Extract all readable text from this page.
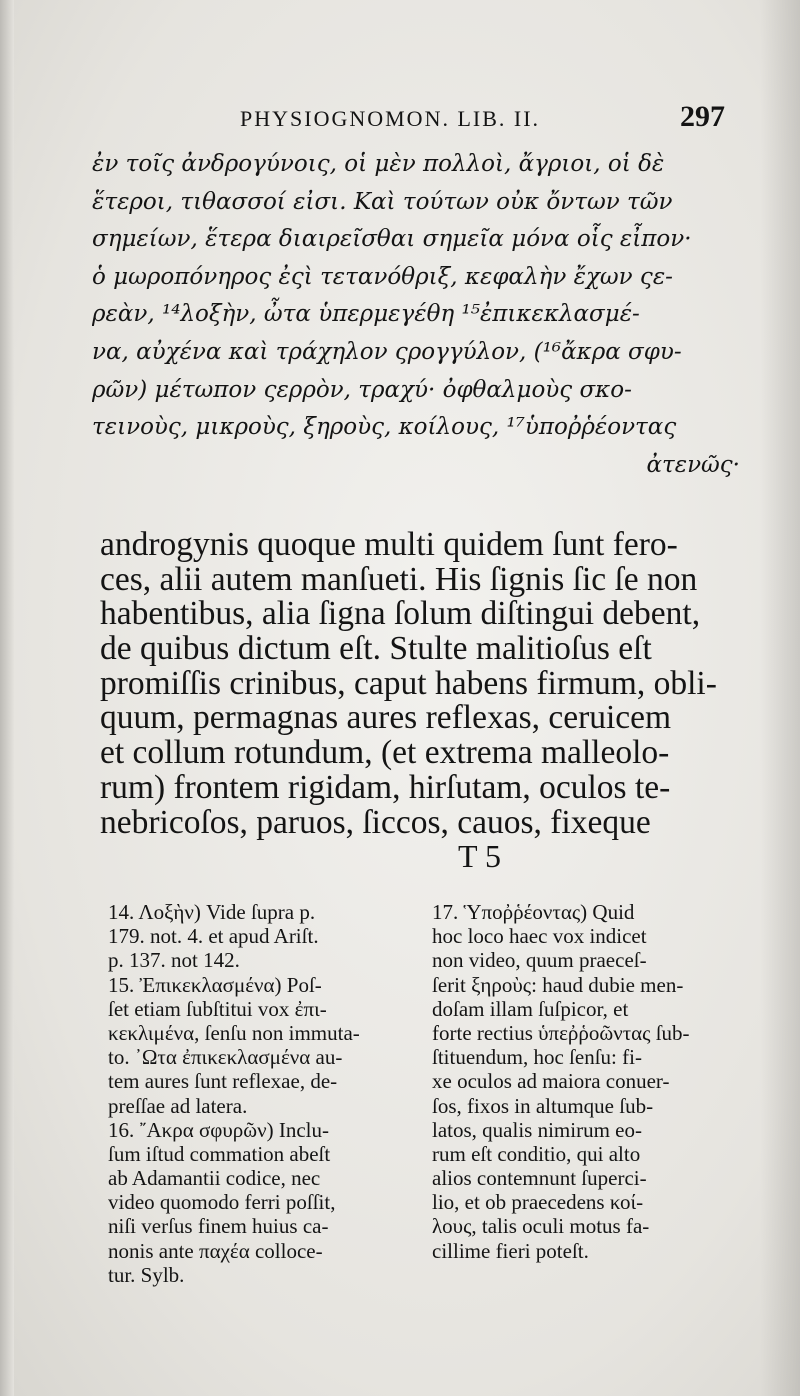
PHYSIOGNOMON. LIB. II.	297
ἐν τοῖς ἀνδρογύνοις, οἱ μὲν πολλοὶ, ἄγριοι, οἱ δὲ
ἕτεροι, τιθασσοί εἰσι. Καὶ τούτων οὐκ ὄντων τῶν
σημείων, ἕτερα διαιρεῖσθαι σημεῖα μόνα οἷς εἶπον·
ὁ μωροπόνηρος ἐςὶ τετανόθριξ, κεφαλὴν ἔχων ςε-
ρεὰν, ¹⁴λοξὴν, ὦτα ὑπερμεγέθη ¹⁵ἐπικεκλασμέ-
να, αὐχένα καὶ τράχηλον ςρογγύλον, (¹⁶ἄκρα σφυ-
ρῶν) μέτωπον ςερρὸν, τραχύ· ὀφθαλμοὺς σκο-
τεινοὺς, μικροὺς, ξηροὺς, κοίλους, ¹⁷ὑποῤῥέοντας
ἀτενῶς·
androgynis quoque multi quidem ſunt fero-
ces, alii autem manſueti. His ſignis ſic ſe non
habentibus, alia ſigna ſolum diſtingui debent,
de quibus dictum eſt. Stulte malitioſus eſt
promiſſis crinibus, caput habens firmum, obli-
quum, permagnas aures reflexas, ceruicem
et collum rotundum, (et extrema malleolo-
rum) frontem rigidam, hirſutam, oculos te-
nebricoſos, paruos, ſiccos, cauos, fixeque
T 5
14. Λοξὴν) Vide ſupra p.
179. not. 4. et apud Ariſt.
p. 137. not 142.
15. Ἐπικεκλασμένα) Poſ-
ſet etiam ſubſtitui vox ἐπι-
κεκλιμένα, ſenſu non immuta-
to. ᾿Ωτα ἐπικεκλασμένα au-
tem aures ſunt reflexae, de-
preſſae ad latera.
16. ῎Ακρα σφυρῶν) Inclu-
ſum iſtud commation abeſt
ab Adamantii codice, nec
video quomodo ferri poſſit,
niſi verſus finem huius ca-
nonis ante παχέα colloce-
tur. Sylb.
17. Ὑποῤῥέοντας) Quid
hoc loco haec vox indicet
non video, quum praeceſ-
ſerit ξηροὺς: haud dubie men-
doſam illam ſuſpicor, et
forte rectius ὑπεῤῥοῶντας ſub-
ſtituendum, hoc ſenſu: fi-
xe oculos ad maiora conuer-
ſos, fixos in altumque ſub-
latos, qualis nimirum eo-
rum eſt conditio, qui alto
alios contemnunt ſuperci-
lio, et ob praecedens κοί-
λους, talis oculi motus fa-
cillime fieri poteſt.
